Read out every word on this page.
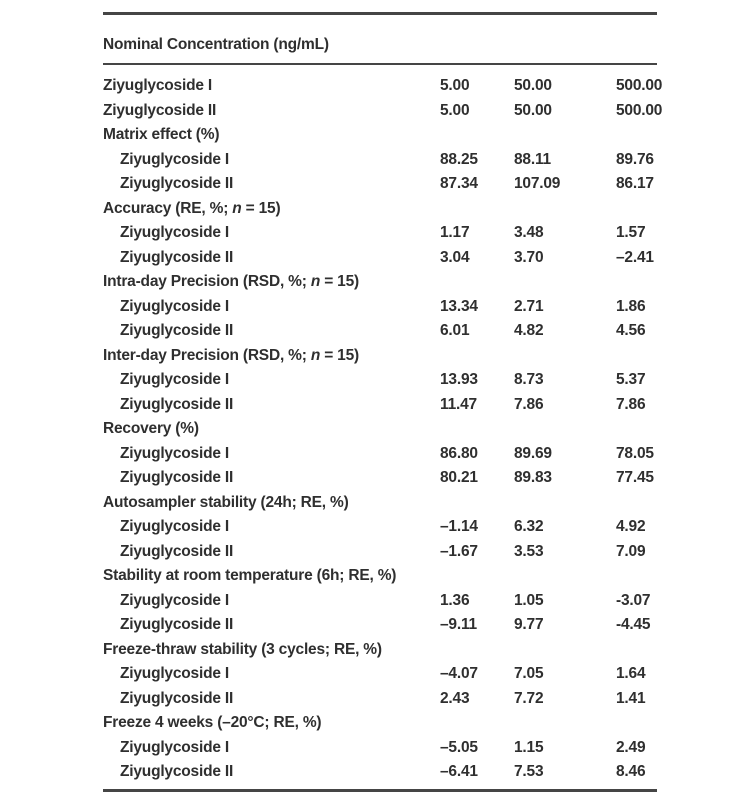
Nominal Concentration (ng/mL)
Ziyuglycoside I	5.00	50.00	500.00
Ziyuglycoside II	5.00	50.00	500.00
Matrix effect (%)
Ziyuglycoside I	88.25	88.11	89.76
Ziyuglycoside II	87.34	107.09	86.17
Accuracy (RE, %; n = 15)
Ziyuglycoside I	1.17	3.48	1.57
Ziyuglycoside II	3.04	3.70	–2.41
Intra-day Precision (RSD, %; n = 15)
Ziyuglycoside I	13.34	2.71	1.86
Ziyuglycoside II	6.01	4.82	4.56
Inter-day Precision (RSD, %; n = 15)
Ziyuglycoside I	13.93	8.73	5.37
Ziyuglycoside II	11.47	7.86	7.86
Recovery (%)
Ziyuglycoside I	86.80	89.69	78.05
Ziyuglycoside II	80.21	89.83	77.45
Autosampler stability (24h; RE, %)
Ziyuglycoside I	–1.14	6.32	4.92
Ziyuglycoside II	–1.67	3.53	7.09
Stability at room temperature (6h; RE, %)
Ziyuglycoside I	1.36	1.05	-3.07
Ziyuglycoside II	–9.11	9.77	-4.45
Freeze-thraw stability (3 cycles; RE, %)
Ziyuglycoside I	–4.07	7.05	1.64
Ziyuglycoside II	2.43	7.72	1.41
Freeze 4 weeks (–20°C; RE, %)
Ziyuglycoside I	–5.05	1.15	2.49
Ziyuglycoside II	–6.41	7.53	8.46
